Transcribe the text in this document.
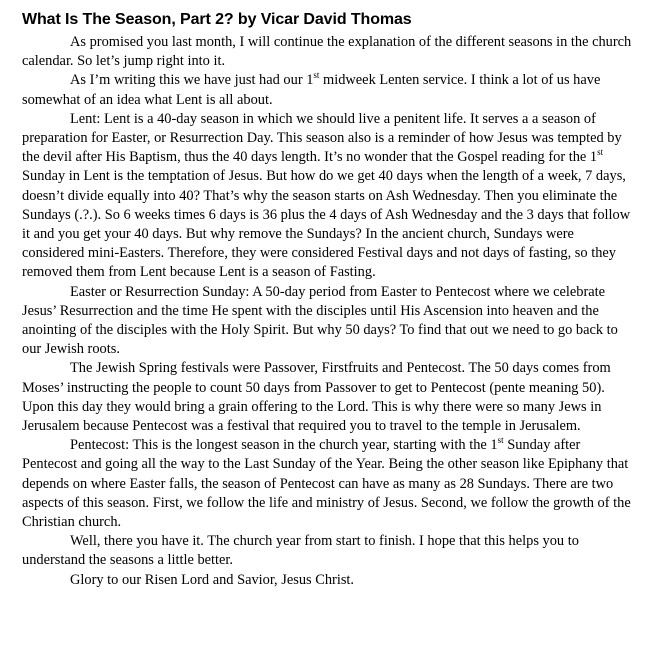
What Is The Season, Part 2? by Vicar David Thomas

As promised you last month, I will continue the explanation of the different seasons in the church calendar. So let’s jump right into it.

As I’m writing this we have just had our 1st midweek Lenten service. I think a lot of us have somewhat of an idea what Lent is all about.

Lent: Lent is a 40-day season in which we should live a penitent life. It serves a a season of preparation for Easter, or Resurrection Day. This season also is a reminder of how Jesus was tempted by the devil after His Baptism, thus the 40 days length. It’s no wonder that the Gospel reading for the 1st Sunday in Lent is the temptation of Jesus. But how do we get 40 days when the length of a week, 7 days, doesn’t divide equally into 40? That’s why the season starts on Ash Wednesday. Then you eliminate the Sundays (.?.). So 6 weeks times 6 days is 36 plus the 4 days of Ash Wednesday and the 3 days that follow it and you get your 40 days. But why remove the Sundays? In the ancient church, Sundays were considered mini-Easters. Therefore, they were considered Festival days and not days of fasting, so they removed them from Lent because Lent is a season of Fasting.

Easter or Resurrection Sunday: A 50-day period from Easter to Pentecost where we celebrate Jesus’ Resurrection and the time He spent with the disciples until His Ascension into heaven and the anointing of the disciples with the Holy Spirit. But why 50 days? To find that out we need to go back to our Jewish roots.

The Jewish Spring festivals were Passover, Firstfruits and Pentecost. The 50 days comes from Moses’ instructing the people to count 50 days from Passover to get to Pentecost (pente meaning 50). Upon this day they would bring a grain offering to the Lord. This is why there were so many Jews in Jerusalem because Pentecost was a festival that required you to travel to the temple in Jerusalem.

Pentecost: This is the longest season in the church year, starting with the 1st Sunday after Pentecost and going all the way to the Last Sunday of the Year. Being the other season like Epiphany that depends on where Easter falls, the season of Pentecost can have as many as 28 Sundays. There are two aspects of this season. First, we follow the life and ministry of Jesus. Second, we follow the growth of the Christian church.

Well, there you have it. The church year from start to finish. I hope that this helps you to understand the seasons a little better.

Glory to our Risen Lord and Savior, Jesus Christ.
